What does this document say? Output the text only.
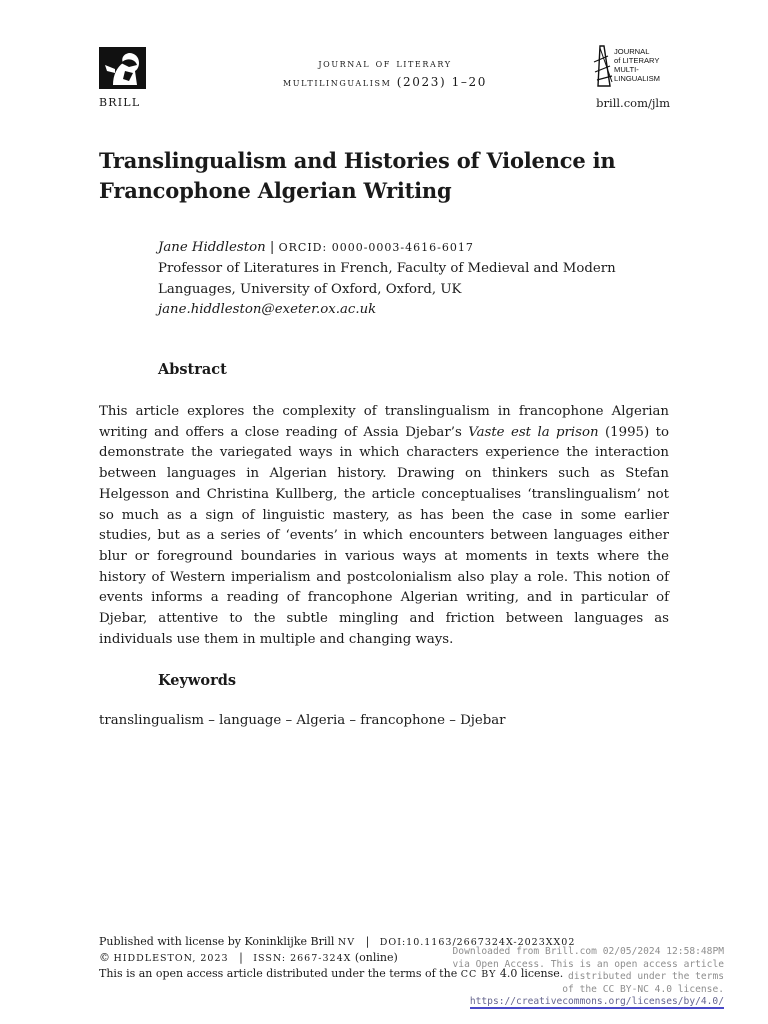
BRILL
journal of literary
multilingualism (2023) 1–20
JOURNAL
of LITERARY
MULTI-
LINGUALISM
brill.com/jlm
Translingualism and Histories of Violence in
Francophone Algerian Writing
Jane Hiddleston | ORCID: 0000-0003-4616-6017
Professor of Literatures in French, Faculty of Medieval and Modern
Languages, University of Oxford, Oxford, UK
jane.hiddleston@exeter.ox.ac.uk
Abstract
This article explores the complexity of translingualism in francophone Algerian writing and offers a close reading of Assia Djebar’s Vaste est la prison (1995) to demonstrate the variegated ways in which characters experience the interaction between languages in Algerian history. Drawing on thinkers such as Stefan Helgesson and Christina Kullberg, the article conceptualises ‘translingualism’ not so much as a sign of linguistic mastery, as has been the case in some earlier studies, but as a series of ‘events’ in which encounters between languages either blur or foreground boundaries in various ways at moments in texts where the history of Western imperialism and postcolonialism also play a role. This notion of events informs a reading of francophone Algerian writing, and in particular of Djebar, attentive to the subtle mingling and friction between languages as individuals use them in multiple and changing ways.
Keywords
translingualism – language – Algeria – francophone – Djebar
Published with license by Koninklijke Brill NV | DOI:10.1163/2667324X-2023XX02
© HIDDLESTON, 2023 | ISSN: 2667-324X (online)
This is an open access article distributed under the terms of the CC BY 4.0 license.
Downloaded from Brill.com 02/05/2024 12:58:48PM
via Open Access. This is an open access article distributed under the terms
of the CC BY-NC 4.0 license.
https://creativecommons.org/licenses/by/4.0/
